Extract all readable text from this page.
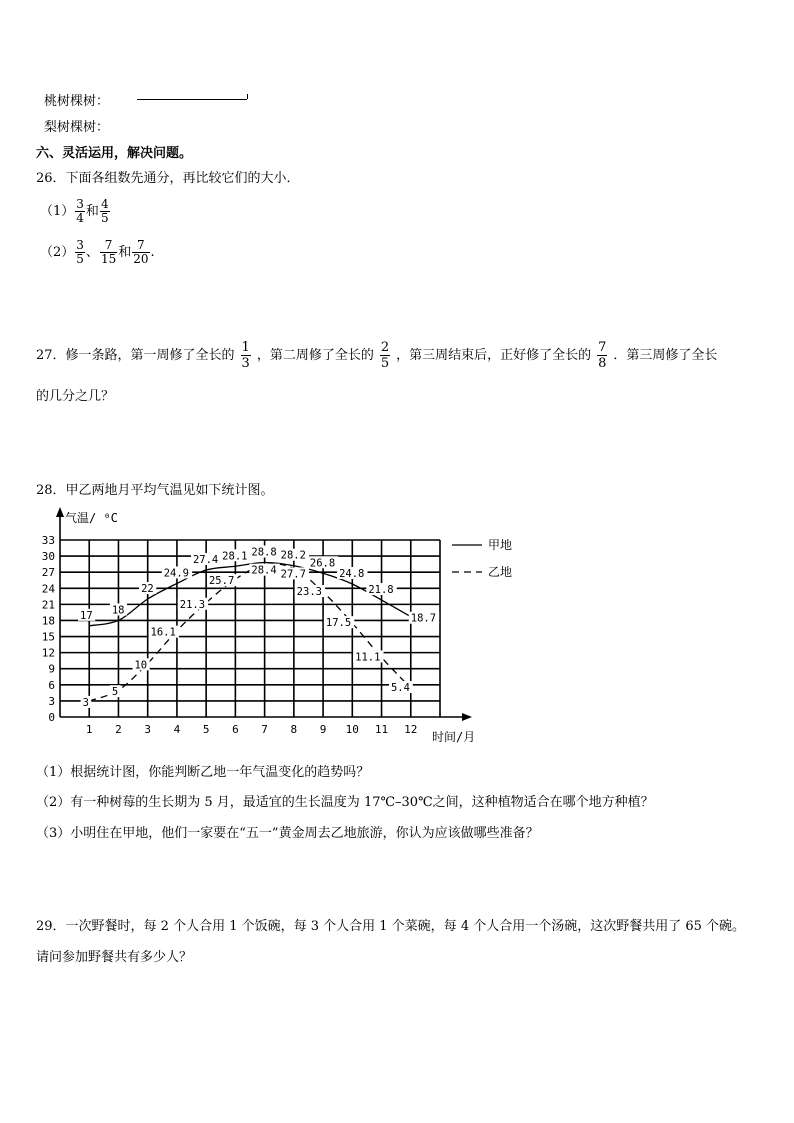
桃树棵树：
梨树棵树：
六、灵活运用，解决问题。
26．下面各组数先通分，再比较它们的大小．
$(1) \frac{3}{4}$ 和 $\frac{4}{5}$
$(2) \frac{3}{5}$ 、 $\frac{7}{15}$ 和 $\frac{7}{20}$ .
27．修一条路，第一周修了全长的 $\frac{1}{3}$ ，第二周修了全长的 $\frac{2}{5}$ ，第三周结束后，正好修了全长的 $\frac{7}{8}$ ．第三周修了全长
的几分之几？
28．甲乙两地月平均气温见如下统计图。
0
3
6
9
12
15
18
21
24
27
30
33
1 2 3 4 5 6 7 8 9 10 11 12
气温/ ⁰C
时间/月
17 18
22
24.9
27.4 28.1 28.8 28.2
26.8
24.8
21.8
18.7
3
5
10
16.1
21.3
25.7
28.4 27.7
23.3
17.5
11.1
5.4
甲地
乙地
（1）根据统计图，你能判断乙地一年气温变化的趋势吗？
（2）有一种树莓的生长期为 5 月，最适宜的生长温度为 17℃–30℃之间，这种植物适合在哪个地方种植？
（3）小明住在甲地，他们一家要在“五一”黄金周去乙地旅游，你认为应该做哪些准备？
29．一次野餐时，每 2 个人合用 1 个饭碗，每 3 个人合用 1 个菜碗，每 4 个人合用一个汤碗，这次野餐共用了 65 个碗。
请问参加野餐共有多少人？
